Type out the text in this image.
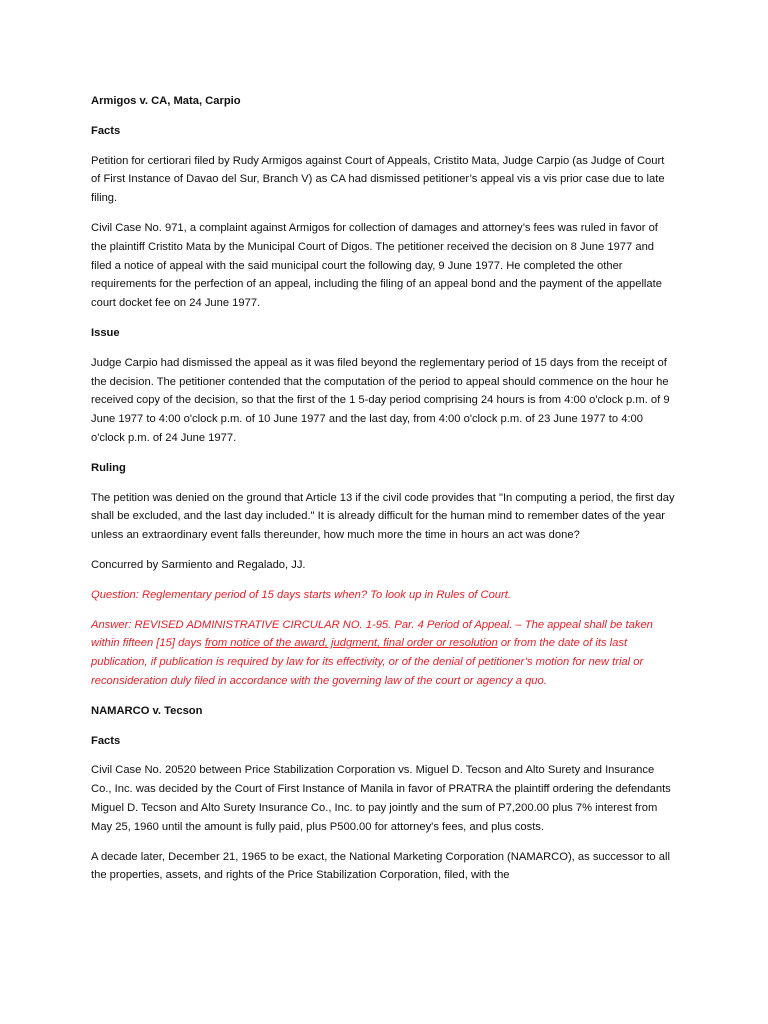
Armigos v. CA, Mata, Carpio

Facts

Petition for certiorari filed by Rudy Armigos against Court of Appeals, Cristito Mata, Judge Carpio (as Judge of Court of First Instance of Davao del Sur, Branch V) as CA had dismissed petitioner’s appeal vis a vis prior case due to late filing.

Civil Case No. 971, a complaint against Armigos for collection of damages and attorney’s fees was ruled in favor of the plaintiff Cristito Mata by the Municipal Court of Digos. The petitioner received the decision on 8 June 1977 and filed a notice of appeal with the said municipal court the following day, 9 June 1977. He completed the other requirements for the perfection of an appeal, including the filing of an appeal bond and the payment of the appellate court docket fee on 24 June 1977.

Issue

Judge Carpio had dismissed the appeal as it was filed beyond the reglementary period of 15 days from the receipt of the decision. The petitioner contended that the computation of the period to appeal should commence on the hour he received copy of the decision, so that the first of the 1 5-day period comprising 24 hours is from 4:00 o'clock p.m. of 9 June 1977 to 4:00 o'clock p.m. of 10 June 1977 and the last day, from 4:00 o'clock p.m. of 23 June 1977 to 4:00 o'clock p.m. of 24 June 1977.

Ruling

The petition was denied on the ground that Article 13 if the civil code provides that "In computing a period, the first day shall be excluded, and the last day included." It is already difficult for the human mind to remember dates of the year unless an extraordinary event falls thereunder, how much more the time in hours an act was done?

Concurred by Sarmiento and Regalado, JJ.

Question: Reglementary period of 15 days starts when? To look up in Rules of Court.

Answer: REVISED ADMINISTRATIVE CIRCULAR NO. 1-95. Par. 4 Period of Appeal. – The appeal shall be taken within fifteen [15] days from notice of the award, judgment, final order or resolution or from the date of its last publication, if publication is required by law for its effectivity, or of the denial of petitioner’s motion for new trial or reconsideration duly filed in accordance with the governing law of the court or agency a quo.

NAMARCO v. Tecson

Facts

Civil Case No. 20520 between Price Stabilization Corporation vs. Miguel D. Tecson and Alto Surety and Insurance Co., Inc. was decided by the Court of First Instance of Manila in favor of PRATRA the plaintiff ordering the defendants Miguel D. Tecson and Alto Surety Insurance Co., Inc. to pay jointly and the sum of P7,200.00 plus 7% interest from May 25, 1960 until the amount is fully paid, plus P500.00 for attorney's fees, and plus costs.

A decade later, December 21, 1965 to be exact, the National Marketing Corporation (NAMARCO), as successor to all the properties, assets, and rights of the Price Stabilization Corporation, filed, with the
